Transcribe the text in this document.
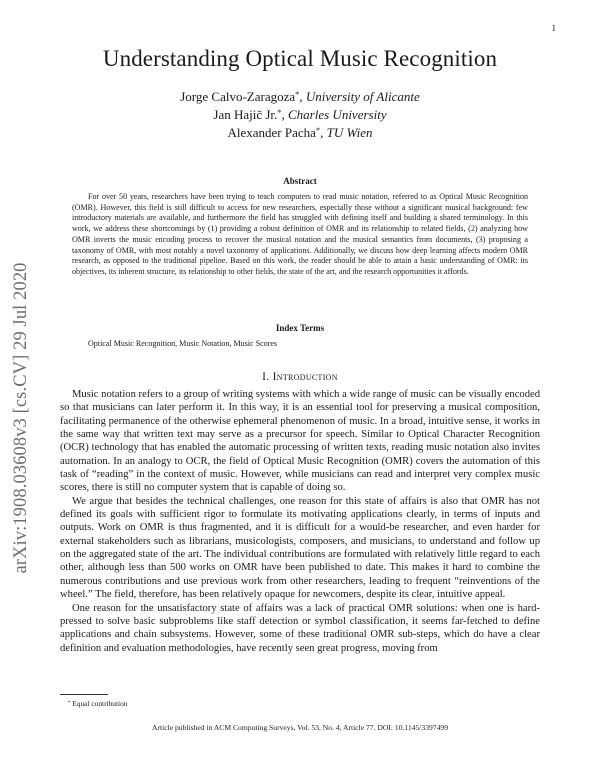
1
arXiv:1908.03608v3 [cs.CV] 29 Jul 2020
Understanding Optical Music Recognition
Jorge Calvo-Zaragoza*, University of Alicante
Jan Hajič Jr.*, Charles University
Alexander Pacha*, TU Wien
Abstract

For over 50 years, researchers have been trying to teach computers to read music notation, referred to as Optical Music Recognition (OMR). However, this field is still difficult to access for new researchers, especially those without a significant musical background: few introductory materials are available, and furthermore the field has struggled with defining itself and building a shared terminology. In this work, we address these shortcomings by (1) providing a robust definition of OMR and its relationship to related fields, (2) analyzing how OMR inverts the music encoding process to recover the musical notation and the musical semantics from documents, (3) proposing a taxonomy of OMR, with most notably a novel taxonomy of applications. Additionally, we discuss how deep learning affects modern OMR research, as opposed to the traditional pipeline. Based on this work, the reader should be able to attain a basic understanding of OMR: its objectives, its inherent structure, its relationship to other fields, the state of the art, and the research opportunities it affords.

Index Terms

Optical Music Recognition, Music Notation, Music Scores

I. Introduction

Music notation refers to a group of writing systems with which a wide range of music can be visually encoded so that musicians can later perform it. In this way, it is an essential tool for preserving a musical composition, facilitating permanence of the otherwise ephemeral phenomenon of music. In a broad, intuitive sense, it works in the same way that written text may serve as a precursor for speech. Similar to Optical Character Recognition (OCR) technology that has enabled the automatic processing of written texts, reading music notation also invites automation. In an analogy to OCR, the field of Optical Music Recognition (OMR) covers the automation of this task of “reading” in the context of music. However, while musicians can read and interpret very complex music scores, there is still no computer system that is capable of doing so.

We argue that besides the technical challenges, one reason for this state of affairs is also that OMR has not defined its goals with sufficient rigor to formulate its motivating applications clearly, in terms of inputs and outputs. Work on OMR is thus fragmented, and it is difficult for a would-be researcher, and even harder for external stakeholders such as librarians, musicologists, composers, and musicians, to understand and follow up on the aggregated state of the art. The individual contributions are formulated with relatively little regard to each other, although less than 500 works on OMR have been published to date. This makes it hard to combine the numerous contributions and use previous work from other researchers, leading to frequent “reinventions of the wheel.” The field, therefore, has been relatively opaque for newcomers, despite its clear, intuitive appeal.

One reason for the unsatisfactory state of affairs was a lack of practical OMR solutions: when one is hard-pressed to solve basic subproblems like staff detection or symbol classification, it seems far-fetched to define applications and chain subsystems. However, some of these traditional OMR sub-steps, which do have a clear definition and evaluation methodologies, have recently seen great progress, moving from

* Equal contribution

Article published in ACM Computing Surveys, Vol. 53, No. 4, Article 77. DOI: 10.1145/3397499
